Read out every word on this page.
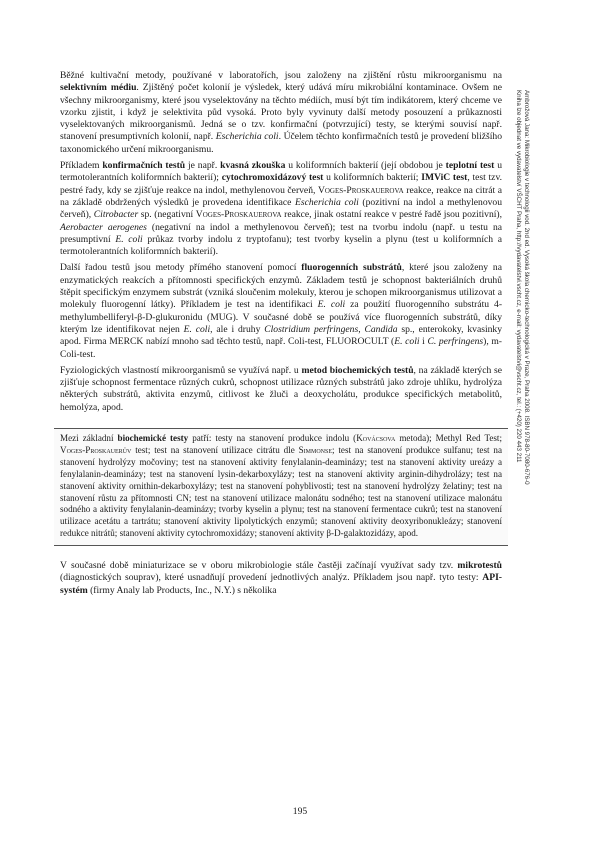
Ambrožová Jana: Mikrobiologie v technologii vod. 2nd ed. Vysoká škola chemicko-technologická v Praze, Praha 2008. ISBN 978-80-7080-676-0
Kniha lze objednat ve vydavatelství VŠCHT Praha, http://vydavatelstvi.vscht.cz, e-mail: vydavatelstvi@vscht.cz, tel.: (+420) 220 443 211

Běžné kultivační metody, používané v laboratořích, jsou založeny na zjištění růstu mikroorganismu na selektivním médiu. Zjištěný počet kolonií je výsledek, který udává míru mikrobiální kontaminace. Ovšem ne všechny mikroorganismy, které jsou vyselektovány na těchto médiích, musí být tím indikátorem, který chceme ve vzorku zjistit, i když je selektivita půd vysoká. Proto byly vyvinuty další metody posouzení a průkaznosti vyselektovaných mikroorganismů. Jedná se o tzv. konfirmační (potvrzující) testy, se kterými souvisí např. stanovení presumptivních kolonií, např. Escherichia coli. Účelem těchto konfirmačních testů je provedení bližšího taxonomického určení mikroorganismu.

Příkladem konfirmačních testů je např. kvasná zkouška u koliformních bakterií (její obdobou je teplotní test u termotolerantních koliformních bakterií); cytochromoxidázový test u koliformních bakterií; IMViC test, test tzv. pestré řady, kdy se zjišťuje reakce na indol, methylenovou červeň, Voges-Proskauerova reakce, reakce na citrát a na základě obdržených výsledků je provedena identifikace Escherichia coli (pozitivní na indol a methylenovou červeň), Citrobacter sp. (negativní Voges-Proskauerova reakce, jinak ostatní reakce v pestré řadě jsou pozitivní), Aerobacter aerogenes (negativní na indol a methylenovou červeň); test na tvorbu indolu (např. u testu na presumptivní E. coli průkaz tvorby indolu z tryptofanu); test tvorby kyselin a plynu (test u koliformních a termotolerantních koliformních bakterií).

Další řadou testů jsou metody přímého stanovení pomocí fluorogenních substrátů, které jsou založeny na enzymatických reakcích a přítomnosti specifických enzymů. Základem testů je schopnost bakteriálních druhů štěpit specifickým enzymem substrát (vzniká sloučenim molekuly, kterou je schopen mikroorganismus utilizovat a molekuly fluorogenní látky). Příkladem je test na identifikaci E. coli za použití fluorogenního substrátu 4-methylumbelliferyl-β-D-glukuronidu (MUG). V současné době se používá více fluorogenních substrátů, díky kterým lze identifikovat nejen E. coli, ale i druhy Clostridium perfringens, Candida sp., enterokoky, kvasinky apod. Firma MERCK nabízí mnoho sad těchto testů, např. Coli-test, FLUOROCULT (E. coli i C. perfringens), m-Coli-test.

Fyziologických vlastností mikroorganismů se využívá např. u metod biochemických testů, na základě kterých se zjišťuje schopnost fermentace různých cukrů, schopnost utilizace různých substrátů jako zdroje uhlíku, hydrolýza některých substrátů, aktivita enzymů, citlivost ke žluči a deoxycholátu, produkce specifických metabolitů, hemolýza, apod.

Mezi základní biochemické testy patří: testy na stanovení produkce indolu (Kovácsova metoda); Methyl Red Test; Voges-Proskauerův test; test na stanovení utilizace citrátu dle Simmonse; test na stanovení produkce sulfanu; test na stanovení hydrolýzy močoviny; test na stanovení aktivity fenylalanin-deaminázy; test na stanovení aktivity ureázy a fenylalanin-deaminázy; test na stanovení lysin-dekarboxylázy; test na stanovení aktivity arginin-dihydrolázy; test na stanovení aktivity ornithin-dekarboxylázy; test na stanovení pohyblivosti; test na stanovení hydrolýzy želatiny; test na stanovení růstu za přítomnosti CN; test na stanovení utilizace malonátu sodného; test na stanovení utilizace malonátu sodného a aktivity fenylalanin-deaminázy; tvorby kyselin a plynu; test na stanovení fermentace cukrů; test na stanovení utilizace acetátu a tartrátu; stanovení aktivity lipolytických enzymů; stanovení aktivity deoxyribonukleázy; stanovení redukce nitrátů; stanovení aktivity cytochromoxidázy; stanovení aktivity β-D-galaktozidázy, apod.

V současné době miniaturizace se v oboru mikrobiologie stále častěji začínají využívat sady tzv. mikrotestů (diagnostických souprav), které usnadňují provedení jednotlivých analýz. Příkladem jsou např. tyto testy: API-systém (firmy Analy lab Products, Inc., N.Y.) s několika

195
